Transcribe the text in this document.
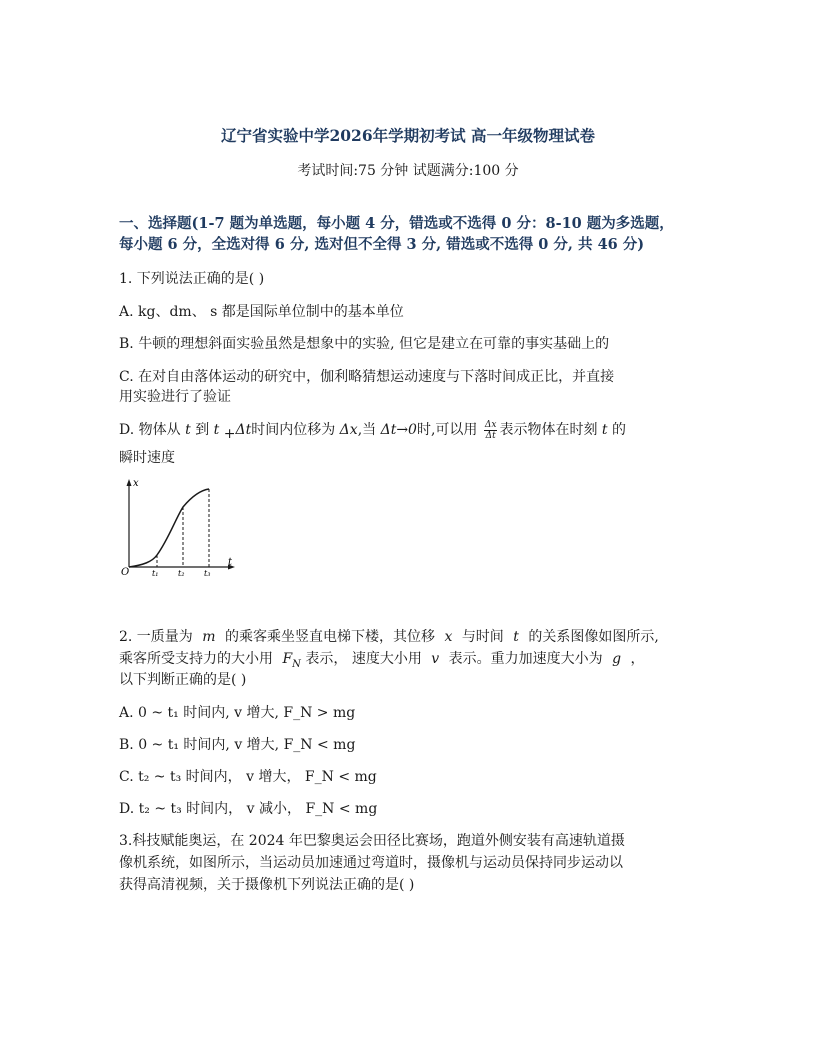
辽宁省实验中学2026年学期初考试 高一年级物理试卷
考试时间:75 分钟 试题满分:100 分
一、选择题(1-7 题为单选题，每小题 4 分，错选或不选得 0 分：8-10 题为多选题，
每小题 6 分，全选对得 6 分, 选对但不全得 3 分, 错选或不选得 0 分, 共 46 分)
1. 下列说法正确的是( )
A. kg、dm、 s 都是国际单位制中的基本单位
B. 牛顿的理想斜面实验虽然是想象中的实验, 但它是建立在可靠的事实基础上的
C. 在对自由落体运动的研究中，伽利略猜想运动速度与下落时间成正比，并直接
用实验进行了验证
D. 物体从 t 到 t +Δt时间内位移为 Δx,当 Δt→0时,可以用 $\frac{\Delta x}{\Delta t}$ 表示物体在时刻 t 的
瞬时速度
x
t
O	t₁ t₂ t₃
2. 一质量为 m 的乘客乘坐竖直电梯下楼，其位移 x 与时间 t 的关系图像如图所示,
乘客所受支持力的大小用 $F_N$ 表示， 速度大小用 v 表示。重力加速度大小为 g ，
以下判断正确的是( )
A. 0 ~ t₁ 时间内, v 增大, F_N > mg
B. 0 ~ t₁ 时间内, v 增大, F_N < mg
C. t₂ ~ t₃ 时间内， v 增大， F_N < mg
D. t₂ ~ t₃ 时间内， v 减小， F_N < mg
3.科技赋能奥运，在 2024 年巴黎奥运会田径比赛场，跑道外侧安装有高速轨道摄
像机系统，如图所示，当运动员加速通过弯道时，摄像机与运动员保持同步运动以
获得高清视频，关于摄像机下列说法正确的是( )
